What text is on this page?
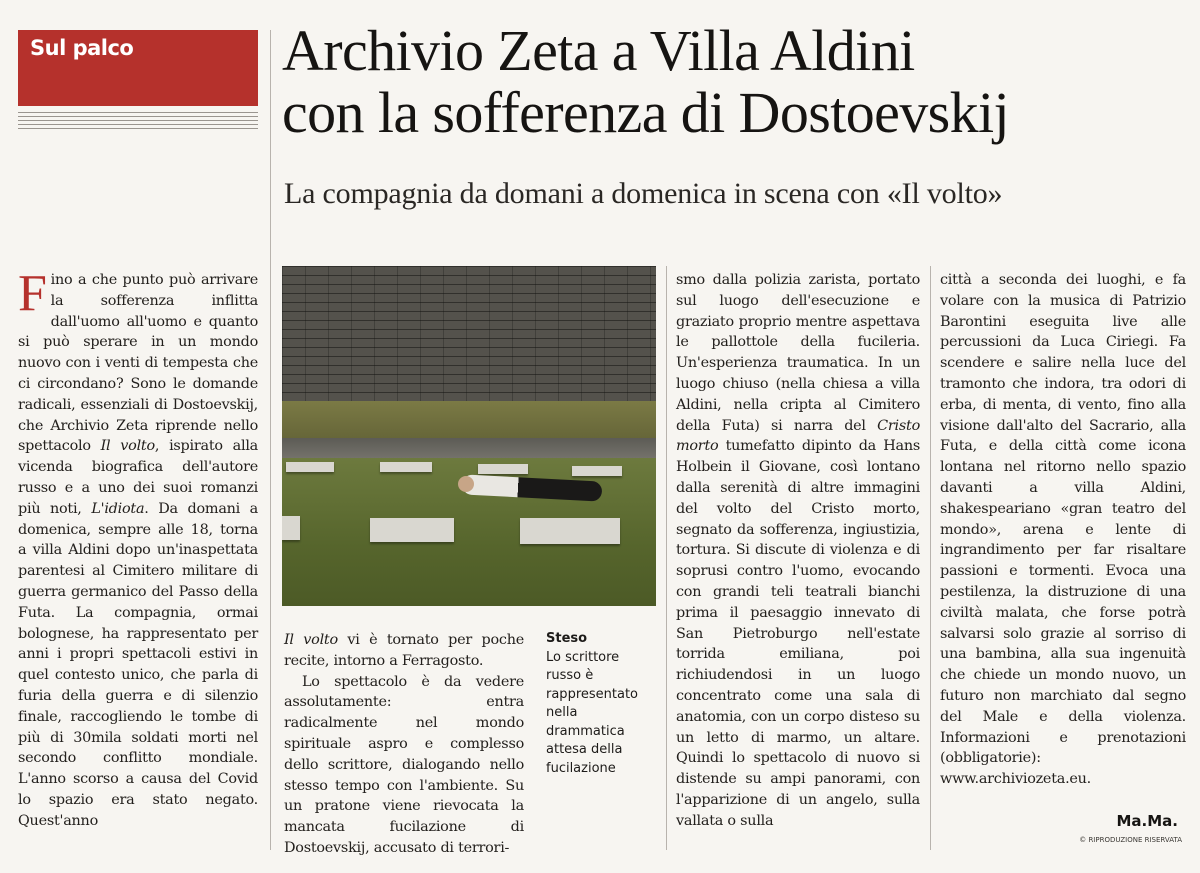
Sul palco	Archivio Zeta a Villa Aldini
con la sofferenza di Dostoevskij
La compagnia da domani a domenica in scena con «Il volto»

Fino a che punto può arrivare la sofferenza inflitta dall'uomo all'uomo e quanto si può sperare in un mondo nuovo con i venti di tempesta che ci circondano? Sono le domande radicali, essenziali di Dostoevskij, che Archivio Zeta riprende nello spettacolo Il volto, ispirato alla vicenda biografica dell'autore russo e a uno dei suoi romanzi più noti, L'idiota. Da domani a domenica, sempre alle 18, torna a villa Aldini dopo un'inaspettata parentesi al Cimitero militare di guerra germanico del Passo della Futa. La compagnia, ormai bolognese, ha rappresentato per anni i propri spettacoli estivi in quel contesto unico, che parla di furia della guerra e di silenzio finale, raccogliendo le tombe di più di 30mila soldati morti nel secondo conflitto mondiale. L'anno scorso a causa del Covid lo spazio era stato negato. Quest'anno

Steso
Lo scrittore russo è rappresentato nella drammatica attesa della fucilazione

Il volto vi è tornato per poche recite, intorno a Ferragosto.

Lo spettacolo è da vedere assolutamente: entra radicalmente nel mondo spirituale aspro e complesso dello scrittore, dialogando nello stesso tempo con l'ambiente. Su un pratone viene rievocata la mancata fucilazione di Dostoevskij, accusato di terrori-

smo dalla polizia zarista, portato sul luogo dell'esecuzione e graziato proprio mentre aspettava le pallottole della fucileria. Un'esperienza traumatica. In un luogo chiuso (nella chiesa a villa Aldini, nella cripta al Cimitero della Futa) si narra del Cristo morto tumefatto dipinto da Hans Holbein il Giovane, così lontano dalla serenità di altre immagini del volto del Cristo morto, segnato da sofferenza, ingiustizia, tortura. Si discute di violenza e di soprusi contro l'uomo, evocando con grandi teli teatrali bianchi prima il paesaggio innevato di San Pietroburgo nell'estate torrida emiliana, poi richiudendosi in un luogo concentrato come una sala di anatomia, con un corpo disteso su un letto di marmo, un altare. Quindi lo spettacolo di nuovo si distende su ampi panorami, con l'apparizione di un angelo, sulla vallata o sulla

città a seconda dei luoghi, e fa volare con la musica di Patrizio Barontini eseguita live alle percussioni da Luca Ciriegi. Fa scendere e salire nella luce del tramonto che indora, tra odori di erba, di menta, di vento, fino alla visione dall'alto del Sacrario, alla Futa, e della città come icona lontana nel ritorno nello spazio davanti a villa Aldini, shakespeariano «gran teatro del mondo», arena e lente di ingrandimento per far risaltare passioni e tormenti. Evoca una pestilenza, la distruzione di una civiltà malata, che forse potrà salvarsi solo grazie al sorriso di una bambina, alla sua ingenuità che chiede un mondo nuovo, un futuro non marchiato dal segno del Male e della violenza. Informazioni e prenotazioni (obbligatorie): www.archiviozeta.eu.

Ma.Ma.
© RIPRODUZIONE RISERVATA
